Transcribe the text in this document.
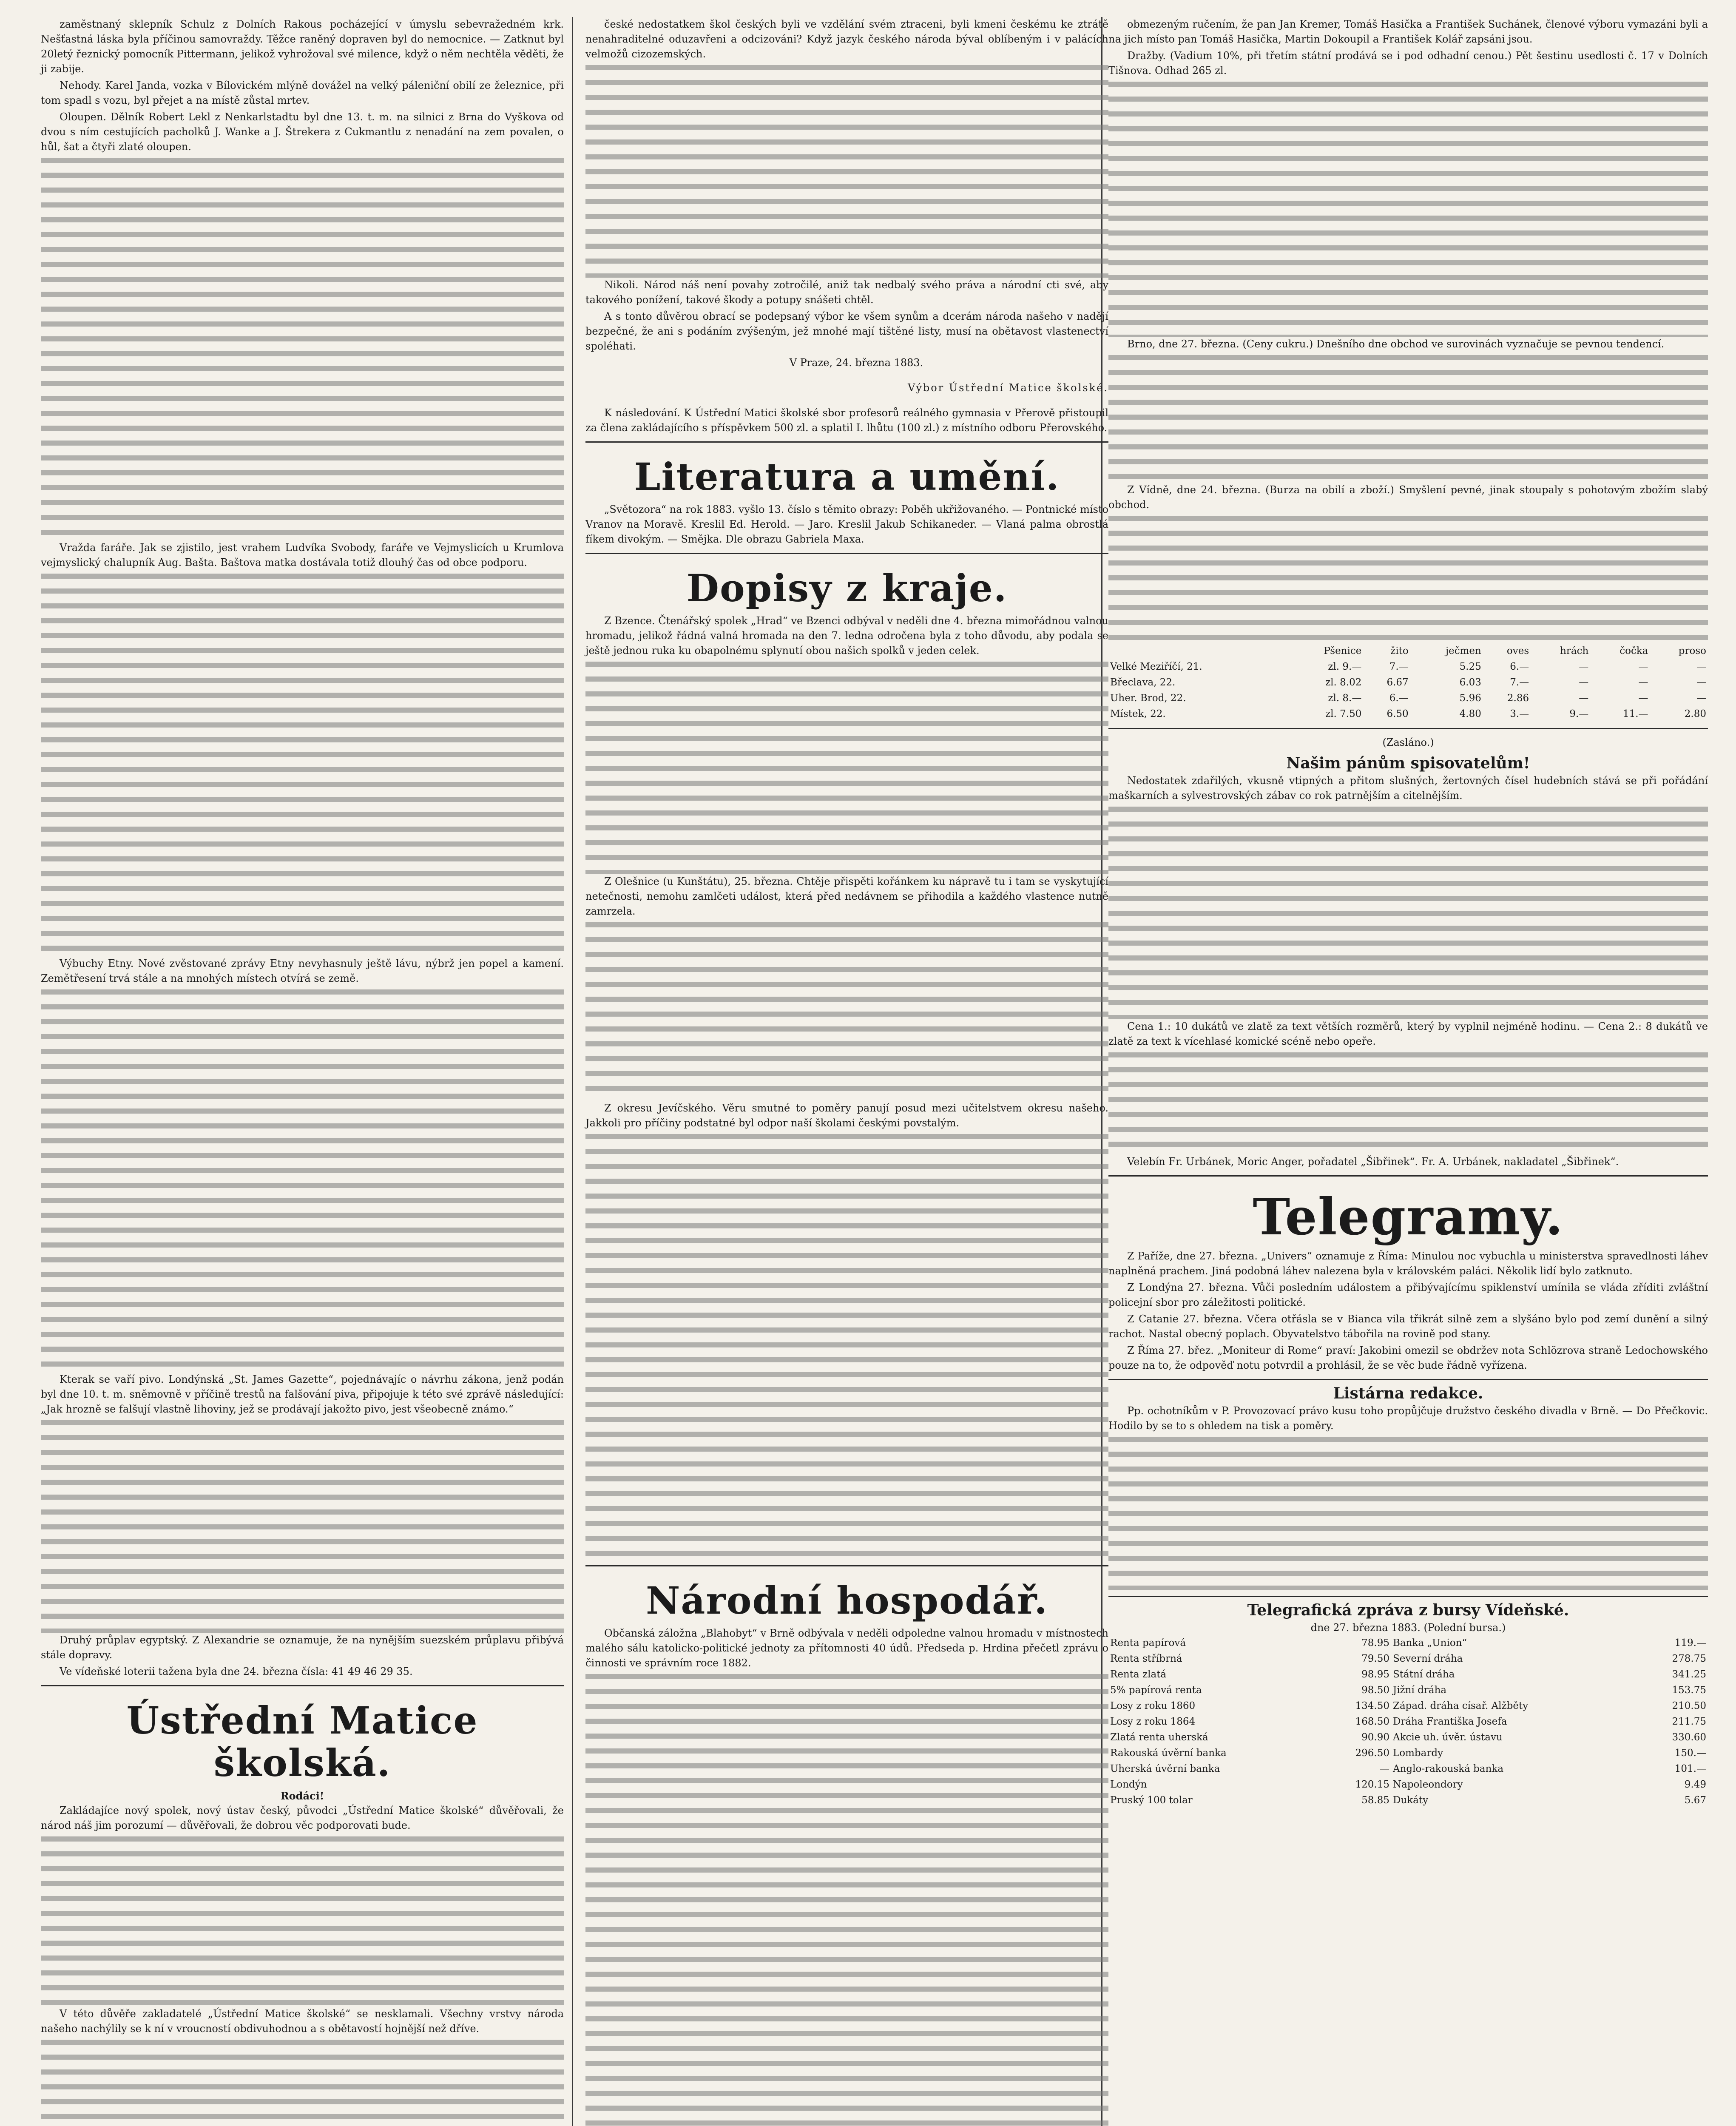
zaměstnaný sklepník Schulz z Dolních Rakous pocházející v úmyslu sebevražedném krk. Nešťastná láska byla příčinou samovraždy. Těžce raněný dopraven byl do nemocnice. — Zatknut byl 20letý řeznický pomocník Pittermann, jelikož vyhrožoval své milence, když o něm nechtěla věděti, že ji zabije.

Nehody. Karel Janda, vozka v Bílovickém mlýně dovážel na velký páleniční obilí ze železnice, při tom spadl s vozu, byl přejet a na místě zůstal mrtev.

Oloupen. Dělník Robert Lekl z Nenkarlstadtu byl dne 13. t. m. na silnici z Brna do Vyškova od dvou s ním cestujících pacholků J. Wanke a J. Štrekera z Cukmantlu z nenadání na zem povalen, o hůl, šat a čtyři zlaté oloupen.

Vražda faráře. Jak se zjistilo, jest vrahem Ludvíka Svobody, faráře ve Vejmyslicích u Krumlova vejmyslický chalupník Aug. Bašta. Baštova matka dostávala totiž dlouhý čas od obce podporu.

Výbuchy Etny. Nové zvěstované zprávy Etny nevyhasnuly ještě lávu, nýbrž jen popel a kamení. Zemětřesení trvá stále a na mnohých místech otvírá se země.

Kterak se vaří pivo. Londýnská „St. James Gazette“, pojednávajíc o návrhu zákona, jenž podán byl dne 10. t. m. sněmovně v příčině trestů na falšování piva, připojuje k této své zprávě následující: „Jak hrozně se falšují vlastně lihoviny, jež se prodávají jakožto pivo, jest všeobecně známo.“

Druhý průplav egyptský. Z Alexandrie se oznamuje, že na nynějším suezském průplavu přibývá stále dopravy.

Ve vídeňské loterii tažena byla dne 24. března čísla: 41 49 46 29 35.

Ústřední Matice školská.
Rodáci!

Zakládajíce nový spolek, nový ústav český, původci „Ústřední Matice školské“ důvěřovali, že národ náš jim porozumí — důvěřovali, že dobrou věc podporovati bude.

V této důvěře zakladatelé „Ústřední Matice školské“ se nesklamali. Všechny vrstvy národa našeho nachýlily se k ní v vroucností obdivuhodnou a s obětavostí hojnější než dříve.

české nedostatkem škol českých byli ve vzdělání svém ztraceni, byli kmeni českému ke ztrátě nenahraditelné oduzavřeni a odcizováni? Když jazyk českého národa býval oblíbeným i v palácích velmožů cizozemských.

Nikoli. Národ náš není povahy zotročilé, aniž tak nedbalý svého práva a národní cti své, aby takového ponížení, takové škody a potupy snášeti chtěl.

A s tonto důvěrou obrací se podepsaný výbor ke všem synům a dcerám národa našeho v nadějí bezpečné, že ani s podáním zvýšeným, jež mnohé mají tištěné listy, musí na obětavost vlastenectví spoléhati.

V Praze, 24. března 1883.

Výbor Ústřední Matice školské.

K následování. K Ústřední Matici školské sbor profesorů reálného gymnasia v Přerově přistoupil za člena zakládajícího s příspěvkem 500 zl. a splatil I. lhůtu (100 zl.) z místního odboru Přerovského.

Literatura a umění.

„Světozora“ na rok 1883. vyšlo 13. číslo s těmito obrazy: Poběh ukřižovaného. — Pontnické místo Vranov na Moravě. Kreslil Ed. Herold. — Jaro. Kreslil Jakub Schikaneder. — Vlaná palma obrostlá fíkem divokým. — Smějka. Dle obrazu Gabriela Maxa.

Dopisy z kraje.

Z Bzence. Čtenářský spolek „Hrad“ ve Bzenci odbýval v neděli dne 4. března mimořádnou valnou hromadu, jelikož řádná valná hromada na den 7. ledna odročena byla z toho důvodu, aby podala se ještě jednou ruka ku obapolnému splynutí obou našich spolků v jeden celek.

Z Olešnice (u Kunštátu), 25. března. Chtěje přispěti kořánkem ku nápravě tu i tam se vyskytující netečnosti, nemohu zamlčeti událost, která před nedávnem se přihodila a každého vlastence nutně zamrzela.

Z okresu Jevíčského. Věru smutné to poměry panují posud mezi učitelstvem okresu našeho. Jakkoli pro příčiny podstatné byl odpor naší školami českými povstalým.

Národní hospodář.

Občanská záložna „Blahobyt“ v Brně odbývala v neděli odpoledne valnou hromadu v místnostech malého sálu katolicko-politické jednoty za přítomnosti 40 údů. Předseda p. Hrdina přečetl zprávu o činnosti ve správním roce 1882.

obmezeným ručením, že pan Jan Kremer, Tomáš Hasička a František Suchánek, členové výboru vymazáni byli a na jich místo pan Tomáš Hasička, Martin Dokoupil a František Kolář zapsáni jsou.

Dražby. (Vadium 10%, při třetím státní prodává se i pod odhadní cenou.) Pět šestinu usedlosti č. 17 v Dolních Tišnova. Odhad 265 zl.

Brno, dne 27. března. (Ceny cukru.) Dnešního dne obchod ve surovinách vyznačuje se pevnou tendencí.

Z Vídně, dne 24. března. (Burza na obilí a zboží.) Smyšlení pevné, jinak stoupaly s pohotovým zbožím slabý obchod.

	Pšenice	žito	ječmen	oves	hrách	čočka	proso
Velké Meziříčí, 21.	zl. 9.—	7.—	5.25	6.—	—	—	—
Břeclava, 22.	zl. 8.02	6.67	6.03	7.—	—	—	—
Uher. Brod, 22.	zl. 8.—	6.—	5.96	2.86	—	—	—
Místek, 22.	zl. 7.50	6.50	4.80	3.—	9.—	11.—	2.80
(Zasláno.)
Našim pánům spisovatelům!

Nedostatek zdařilých, vkusně vtipných a přitom slušných, žertovných čísel hudebních stává se při pořádání maškarních a sylvestrovských zábav co rok patrnějším a citelnějším.

Cena 1.: 10 dukátů ve zlatě za text větších rozměrů, který by vyplnil nejméně hodinu. — Cena 2.: 8 dukátů ve zlatě za text k vícehlasé komické scéně nebo opeře.

Velebín Fr. Urbánek, Moric Anger, pořadatel „Šibřinek“. Fr. A. Urbánek, nakladatel „Šibřinek“.

Telegramy.

Z Paříže, dne 27. března. „Univers“ oznamuje z Říma: Minulou noc vybuchla u ministerstva spravedlnosti láhev naplněná prachem. Jiná podobná láhev nalezena byla v královském paláci. Několik lidí bylo zatknuto.

Z Londýna 27. března. Vůči posledním událostem a přibývajícímu spiklenství umínila se vláda zříditi zvláštní policejní sbor pro záležitosti politické.

Z Catanie 27. března. Včera otřásla se v Bianca vila třikrát silně zem a slyšáno bylo pod zemí dunění a silný rachot. Nastal obecný poplach. Obyvatelstvo tábořila na rovině pod stany.

Z Říma 27. břez. „Moniteur di Rome“ praví: Jakobini omezil se obdržev nota Schlözrova straně Ledochowského pouze na to, že odpověď notu potvrdil a prohlásil, že se věc bude řádně vyřízena.

Listárna redakce.

Pp. ochotníkům v P. Provozovací právo kusu toho propůjčuje družstvo českého divadla v Brně. — Do Přečkovic. Hodilo by se to s ohledem na tisk a poměry.

Telegrafická zpráva z bursy Vídeňské.
dne 27. března 1883. (Polední bursa.)
Renta papírová	78.95	Banka „Union“	119.—
Renta stříbrná	79.50	Severní dráha	278.75
Renta zlatá	98.95	Státní dráha	341.25
5% papírová renta	98.50	Jižní dráha	153.75
Losy z roku 1860	134.50	Západ. dráha císař. Alžběty	210.50
Losy z roku 1864	168.50	Dráha Františka Josefa	211.75
Zlatá renta uherská	90.90	Akcie uh. úvěr. ústavu	330.60
Rakouská úvěrní banka	296.50	Lombardy	150.—
Uherská úvěrní banka	—	Anglo-rakouská banka	101.—
Londýn	120.15	Napoleondory	9.49
Pruský 100 tolar	58.85	Dukáty	5.67
